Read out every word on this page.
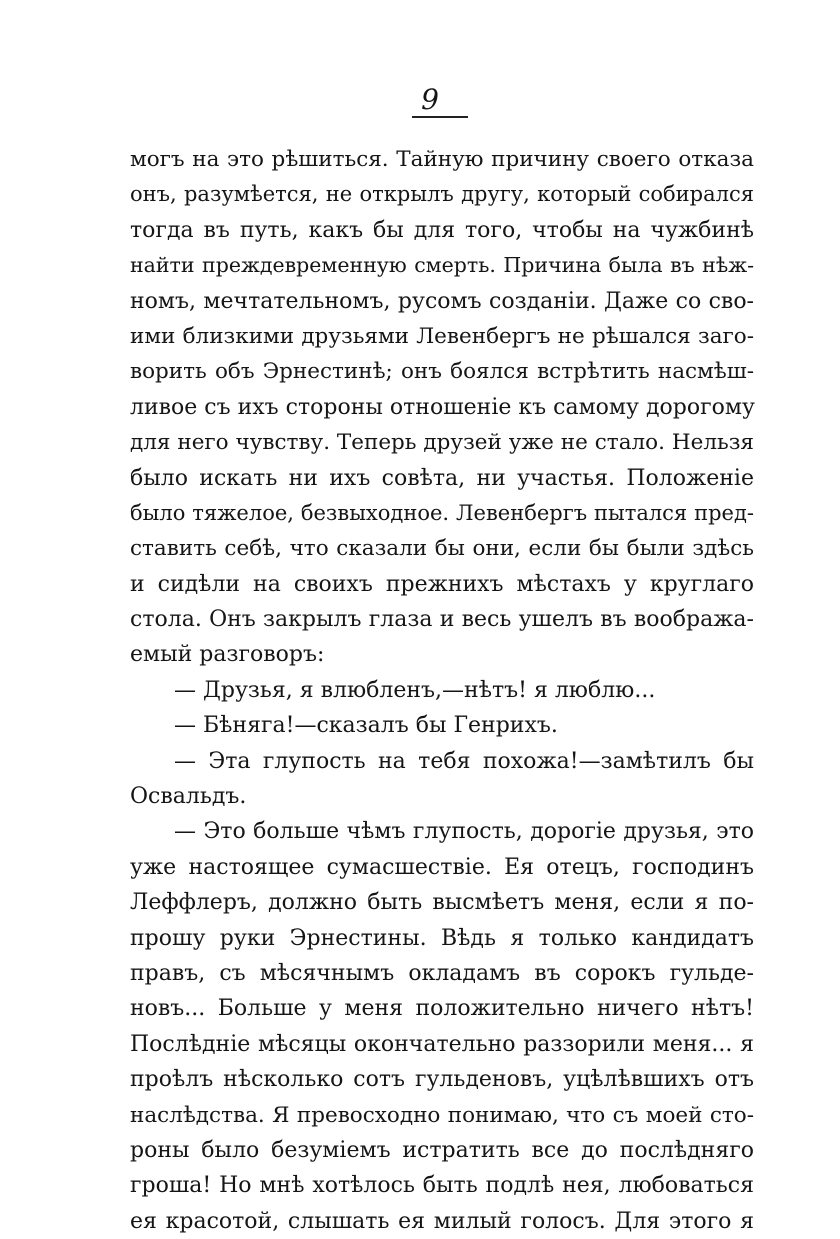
9
могъ на это рѣшиться. Тайную причину своего отказа
онъ, разумѣется, не открылъ другу, который собирался
тогда въ путь, какъ бы для того, чтобы на чужбинѣ
найти преждевременную смерть. Причина была въ нѣж-
номъ, мечтательномъ, русомъ созданіи. Даже со сво-
ими близкими друзьями Левенбергъ не рѣшался заго-
ворить объ Эрнестинѣ; онъ боялся встрѣтить насмѣш-
ливое съ ихъ стороны отношеніе къ самому дорогому
для него чувству. Теперь друзей уже не стало. Нельзя
было искать ни ихъ совѣта, ни участья. Положеніе
было тяжелое, безвыходное. Левенбергъ пытался пред-
ставить себѣ, что сказали бы они, если бы были здѣсь
и сидѣли на своихъ прежнихъ мѣстахъ у круглаго
стола. Онъ закрылъ глаза и весь ушелъ въ вообража-
емый разговоръ:
— Друзья, я влюбленъ,—нѣтъ! я люблю...
— Бѣняга!—сказалъ бы Генрихъ.
— Эта глупость на тебя похожа!—замѣтилъ бы
Освальдъ.
— Это больше чѣмъ глупость, дорогіе друзья, это
уже настоящее сумасшествіе. Ея отецъ, господинъ
Леффлеръ, должно быть высмѣетъ меня, если я по-
прошу руки Эрнестины. Вѣдь я только кандидатъ
правъ, съ мѣсячнымъ окладамъ въ сорокъ гульде-
новъ... Больше у меня положительно ничего нѣтъ!
Послѣдніе мѣсяцы окончательно раззорили меня... я
проѣлъ нѣсколько сотъ гульденовъ, уцѣлѣвшихъ отъ
наслѣдства. Я превосходно понимаю, что съ моей сто-
роны было безуміемъ истратить все до послѣдняго
гроша! Но мнѣ хотѣлось быть подлѣ нея, любоваться
ея красотой, слышать ея милый голосъ. Для этого я
